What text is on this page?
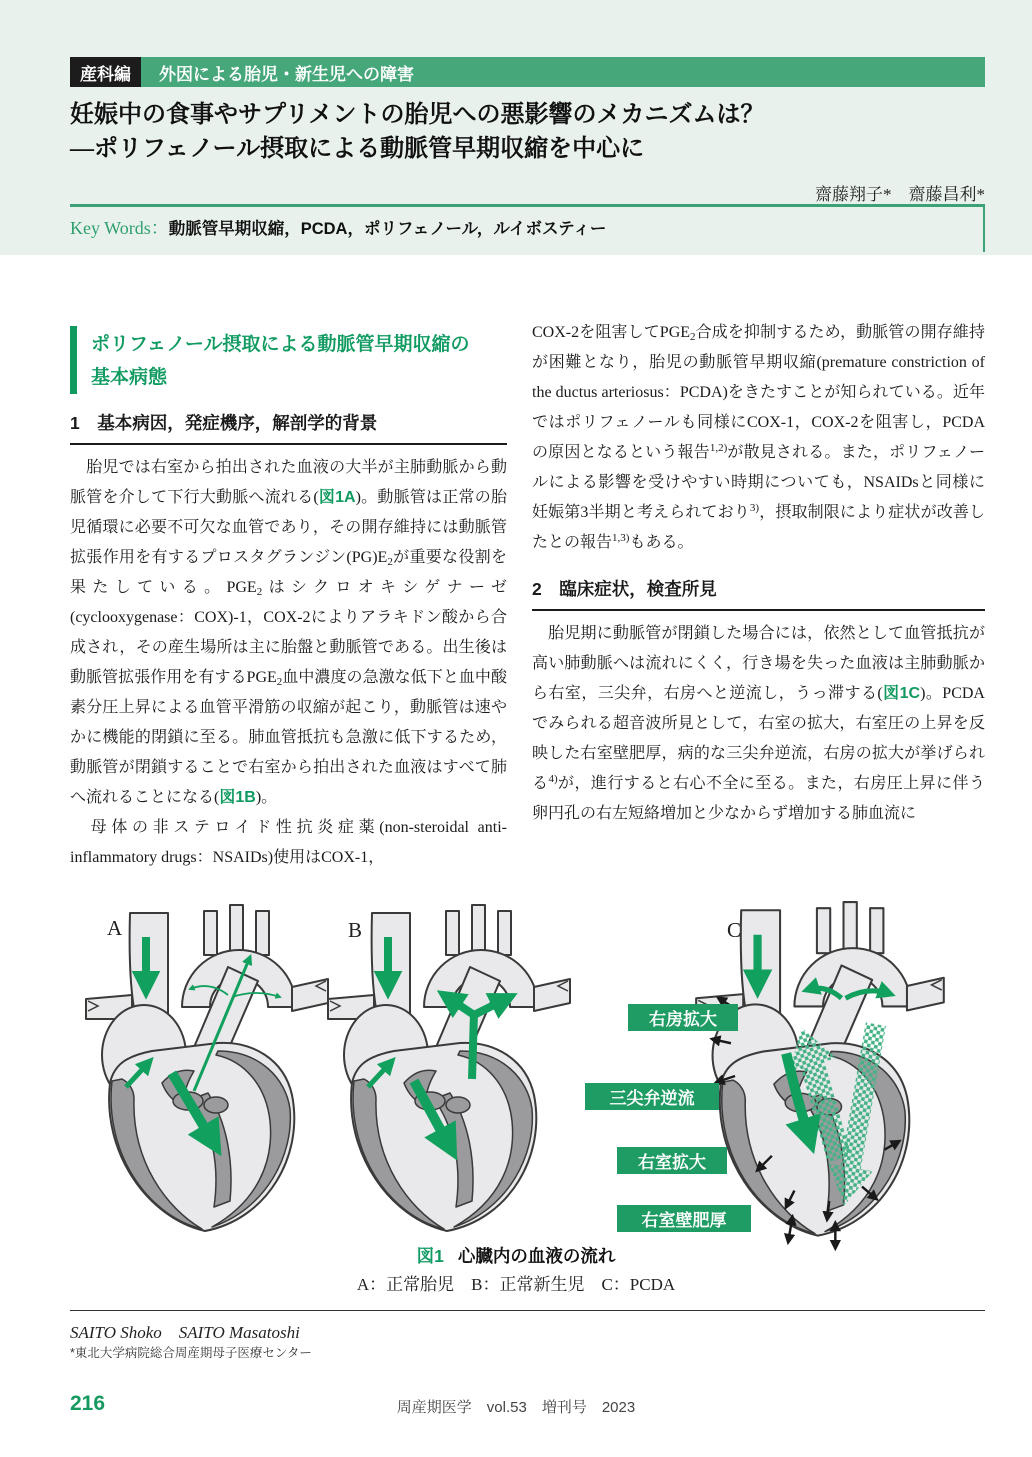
産科編	外因による胎児・新生児への障害
妊娠中の食事やサプリメントの胎児への悪影響のメカニズムは？
―ポリフェノール摂取による動脈管早期収縮を中心に
齋藤翔子*　齋藤昌利*
Key Words： 動脈管早期収縮，PCDA，ポリフェノール，ルイボスティー
ポリフェノール摂取による動脈管早期収縮の
基本病態
1　基本病因，発症機序，解剖学的背景

　胎児では右室から拍出された血液の大半が主肺動脈から動脈管を介して下行大動脈へ流れる(図1A)。動脈管は正常の胎児循環に必要不可欠な血管であり，その開存維持には動脈管拡張作用を有するプロスタグランジン$(PG)E_2$が重要な役割を果たしている。$PGE_2$はシクロオキシゲナーゼ(cyclooxygenase：COX)-1，COX-2によりアラキドン酸から合成され，その産生場所は主に胎盤と動脈管である。出生後は動脈管拡張作用を有する$PGE_2$血中濃度の急激な低下と血中酸素分圧上昇による血管平滑筋の収縮が起こり，動脈管は速やかに機能的閉鎖に至る。肺血管抵抗も急激に低下するため，動脈管が閉鎖することで右室から拍出された血液はすべて肺へ流れることになる(図1B)。

　母体の非ステロイド性抗炎症薬(non-steroidal anti-inflammatory drugs：NSAIDs)使用はCOX-1，

COX-2を阻害して$PGE_2$合成を抑制するため，動脈管の開存維持が困難となり，胎児の動脈管早期収縮(premature constriction of the ductus arteriosus：PCDA)をきたすことが知られている。近年ではポリフェノールも同様にCOX-1，COX-2を阻害し，PCDAの原因となるという報告$^{1,2)}$が散見される。また，ポリフェノールによる影響を受けやすい時期についても，NSAIDsと同様に妊娠第3半期と考えられており$^{3)}$，摂取制限により症状が改善したとの報告$^{1,3)}$もある。

2　臨床症状，検査所見

　胎児期に動脈管が閉鎖した場合には，依然として血管抵抗が高い肺動脈へは流れにくく，行き場を失った血液は主肺動脈から右室，三尖弁，右房へと逆流し，うっ滞する(図1C)。PCDAでみられる超音波所見として，右室の拡大，右室圧の上昇を反映した右室壁肥厚，病的な三尖弁逆流，右房の拡大が挙げられる$^{4)}$が，進行すると右心不全に至る。また，右房圧上昇に伴う卵円孔の右左短絡増加と少なからず増加する肺血流に

A	B	C
右房拡大
三尖弁逆流
右室拡大
右室壁肥厚
図1 心臓内の血液の流れ
A：正常胎児　B：正常新生児　C：PCDA
SAITO Shoko　SAITO Masatoshi
*東北大学病院総合周産期母子医療センター
216	周産期医学　vol.53　増刊号　2023
